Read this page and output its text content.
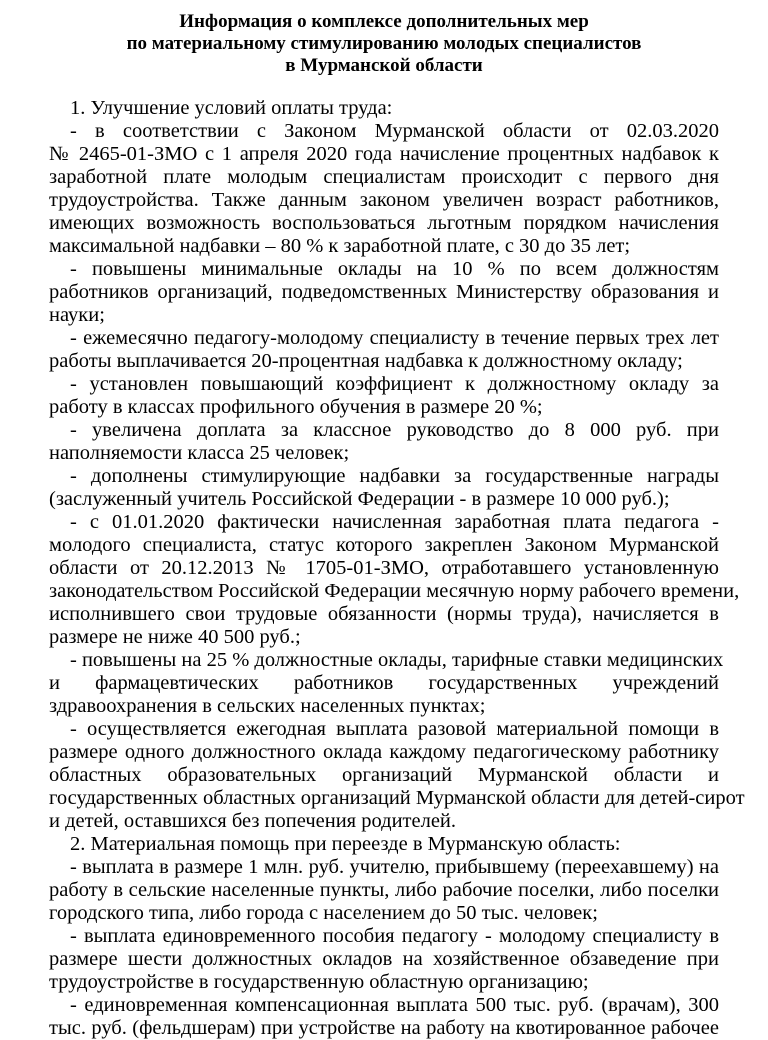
Информация о комплексе дополнительных мер
по материальному стимулированию молодых специалистов
в Мурманской области
1. Улучшение условий оплаты труда:
- в соответствии с Законом Мурманской области от 02.03.2020
№ 2465-01-ЗМО с 1 апреля 2020 года начисление процентных надбавок к
заработной плате молодым специалистам происходит с первого дня
трудоустройства. Также данным законом увеличен возраст работников,
имеющих возможность воспользоваться льготным порядком начисления
максимальной надбавки – 80 % к заработной плате, с 30 до 35 лет;
- повышены минимальные оклады на 10 % по всем должностям
работников организаций, подведомственных Министерству образования и
науки;
- ежемесячно педагогу-молодому специалисту в течение первых трех лет
работы выплачивается 20-процентная надбавка к должностному окладу;
- установлен повышающий коэффициент к должностному окладу за
работу в классах профильного обучения в размере 20 %;
- увеличена доплата за классное руководство до 8 000 руб. при
наполняемости класса 25 человек;
- дополнены стимулирующие надбавки за государственные награды
(заслуженный учитель Российской Федерации - в размере 10 000 руб.);
- с 01.01.2020 фактически начисленная заработная плата педагога -
молодого специалиста, статус которого закреплен Законом Мурманской
области от 20.12.2013 № 1705-01-ЗМО, отработавшего установленную
законодательством Российской Федерации месячную норму рабочего времени,
исполнившего свои трудовые обязанности (нормы труда), начисляется в
размере не ниже 40 500 руб.;
- повышены на 25 % должностные оклады, тарифные ставки медицинских
и фармацевтических работников государственных учреждений
здравоохранения в сельских населенных пунктах;
- осуществляется ежегодная выплата разовой материальной помощи в
размере одного должностного оклада каждому педагогическому работнику
областных образовательных организаций Мурманской области и
государственных областных организаций Мурманской области для детей-сирот
и детей, оставшихся без попечения родителей.
2. Материальная помощь при переезде в Мурманскую область:
- выплата в размере 1 млн. руб. учителю, прибывшему (переехавшему) на
работу в сельские населенные пункты, либо рабочие поселки, либо поселки
городского типа, либо города с населением до 50 тыс. человек;
- выплата единовременного пособия педагогу - молодому специалисту в
размере шести должностных окладов на хозяйственное обзаведение при
трудоустройстве в государственную областную организацию;
- единовременная компенсационная выплата 500 тыс. руб. (врачам), 300
тыс. руб. (фельдшерам) при устройстве на работу на квотированное рабочее
